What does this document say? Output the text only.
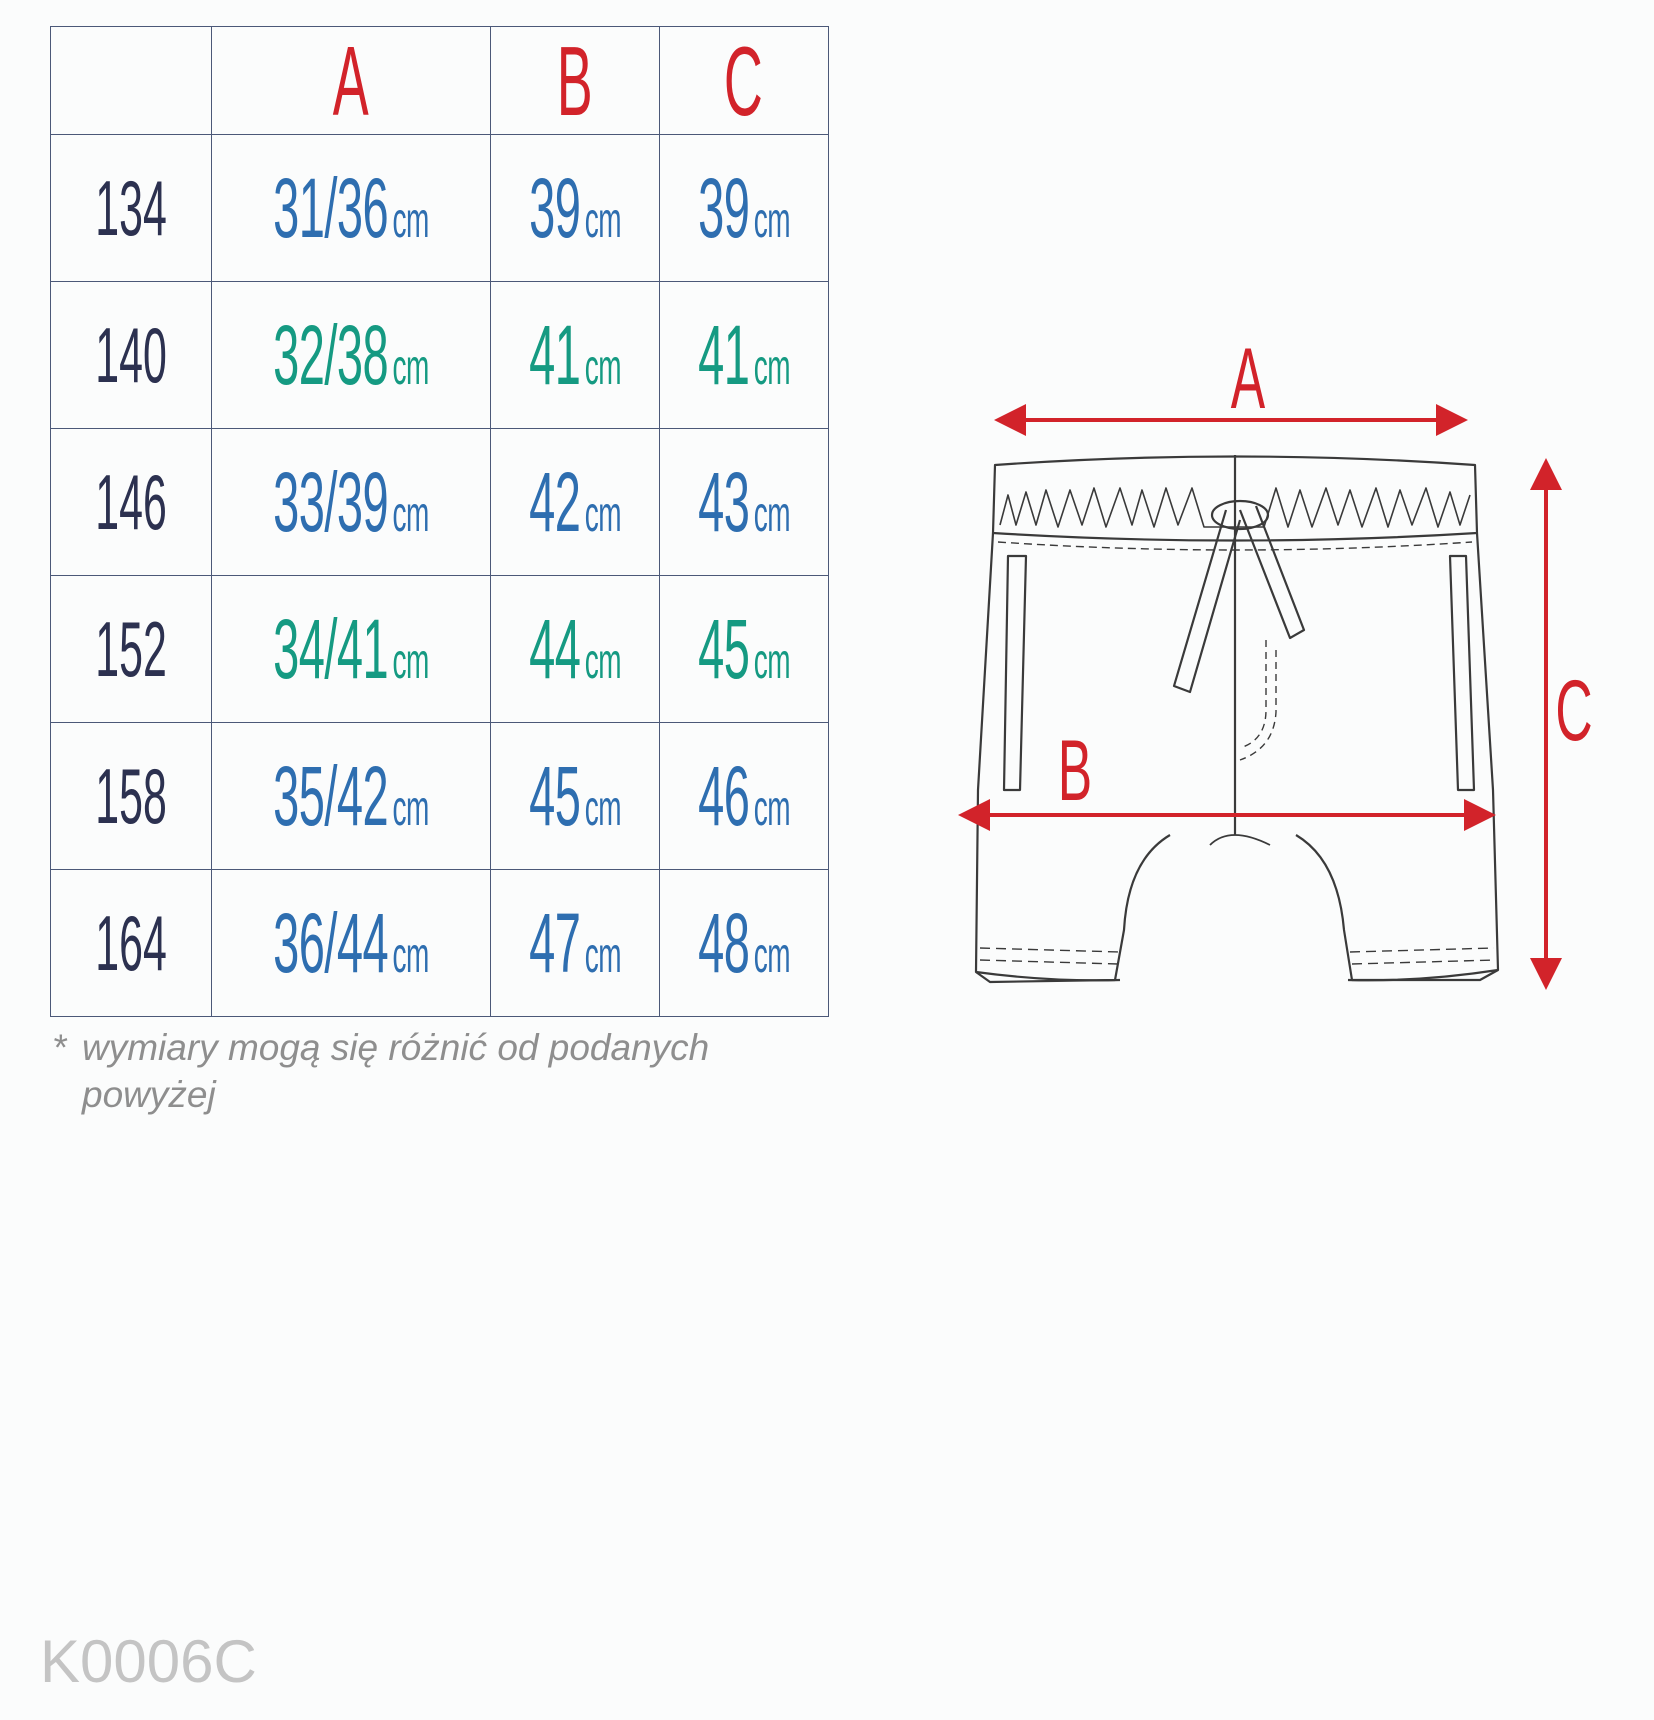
	A	B	C
134	31/36cm	39cm	39cm
140	32/38cm	41cm	41cm
146	33/39cm	42cm	43cm
152	34/41cm	44cm	45cm
158	35/42cm	45cm	46cm
164	36/44cm	47cm	48cm
* wymiary mogą się różnić od podanych
powyżej
A
B
C
K0006C
